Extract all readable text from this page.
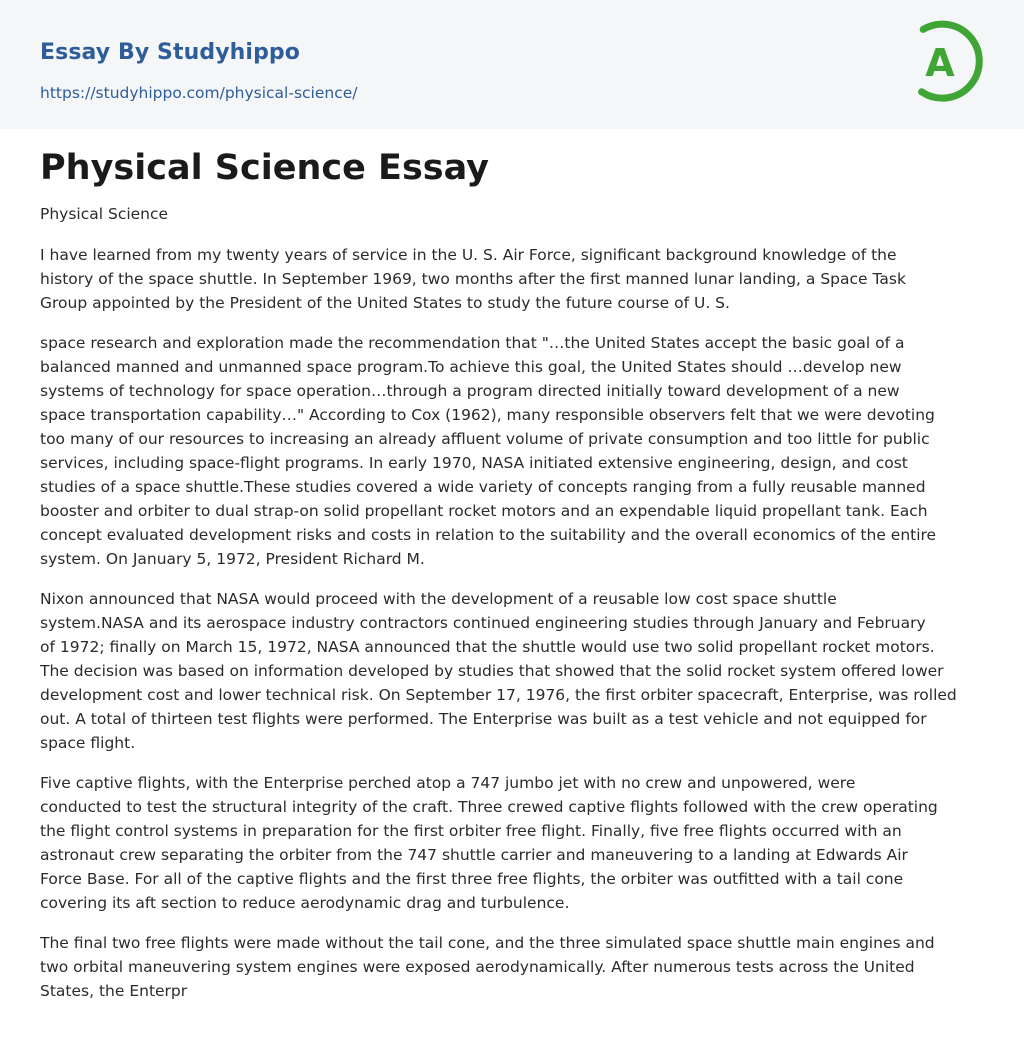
Essay By Studyhippo
https://studyhippo.com/physical-science/
A
Physical Science Essay
Physical Science

I have learned from my twenty years of service in the U. S. Air Force, significant background knowledge of the
history of the space shuttle. In September 1969, two months after the first manned lunar landing, a Space Task
Group appointed by the President of the United States to study the future course of U. S.

space research and exploration made the recommendation that "…the United States accept the basic goal of a
balanced manned and unmanned space program.To achieve this goal, the United States should …develop new
systems of technology for space operation…through a program directed initially toward development of a new
space transportation capability…" According to Cox (1962), many responsible observers felt that we were devoting
too many of our resources to increasing an already affluent volume of private consumption and too little for public
services, including space-flight programs. In early 1970, NASA initiated extensive engineering, design, and cost
studies of a space shuttle.These studies covered a wide variety of concepts ranging from a fully reusable manned
booster and orbiter to dual strap-on solid propellant rocket motors and an expendable liquid propellant tank. Each
concept evaluated development risks and costs in relation to the suitability and the overall economics of the entire
system. On January 5, 1972, President Richard M.

Nixon announced that NASA would proceed with the development of a reusable low cost space shuttle
system.NASA and its aerospace industry contractors continued engineering studies through January and February
of 1972; finally on March 15, 1972, NASA announced that the shuttle would use two solid propellant rocket motors.
The decision was based on information developed by studies that showed that the solid rocket system offered lower
development cost and lower technical risk. On September 17, 1976, the first orbiter spacecraft, Enterprise, was rolled
out. A total of thirteen test flights were performed. The Enterprise was built as a test vehicle and not equipped for
space flight.

Five captive flights, with the Enterprise perched atop a 747 jumbo jet with no crew and unpowered, were
conducted to test the structural integrity of the craft. Three crewed captive flights followed with the crew operating
the flight control systems in preparation for the first orbiter free flight. Finally, five free flights occurred with an
astronaut crew separating the orbiter from the 747 shuttle carrier and maneuvering to a landing at Edwards Air
Force Base. For all of the captive flights and the first three free flights, the orbiter was outfitted with a tail cone
covering its aft section to reduce aerodynamic drag and turbulence.

The final two free flights were made without the tail cone, and the three simulated space shuttle main engines and
two orbital maneuvering system engines were exposed aerodynamically. After numerous tests across the United
States, the Enterpr
